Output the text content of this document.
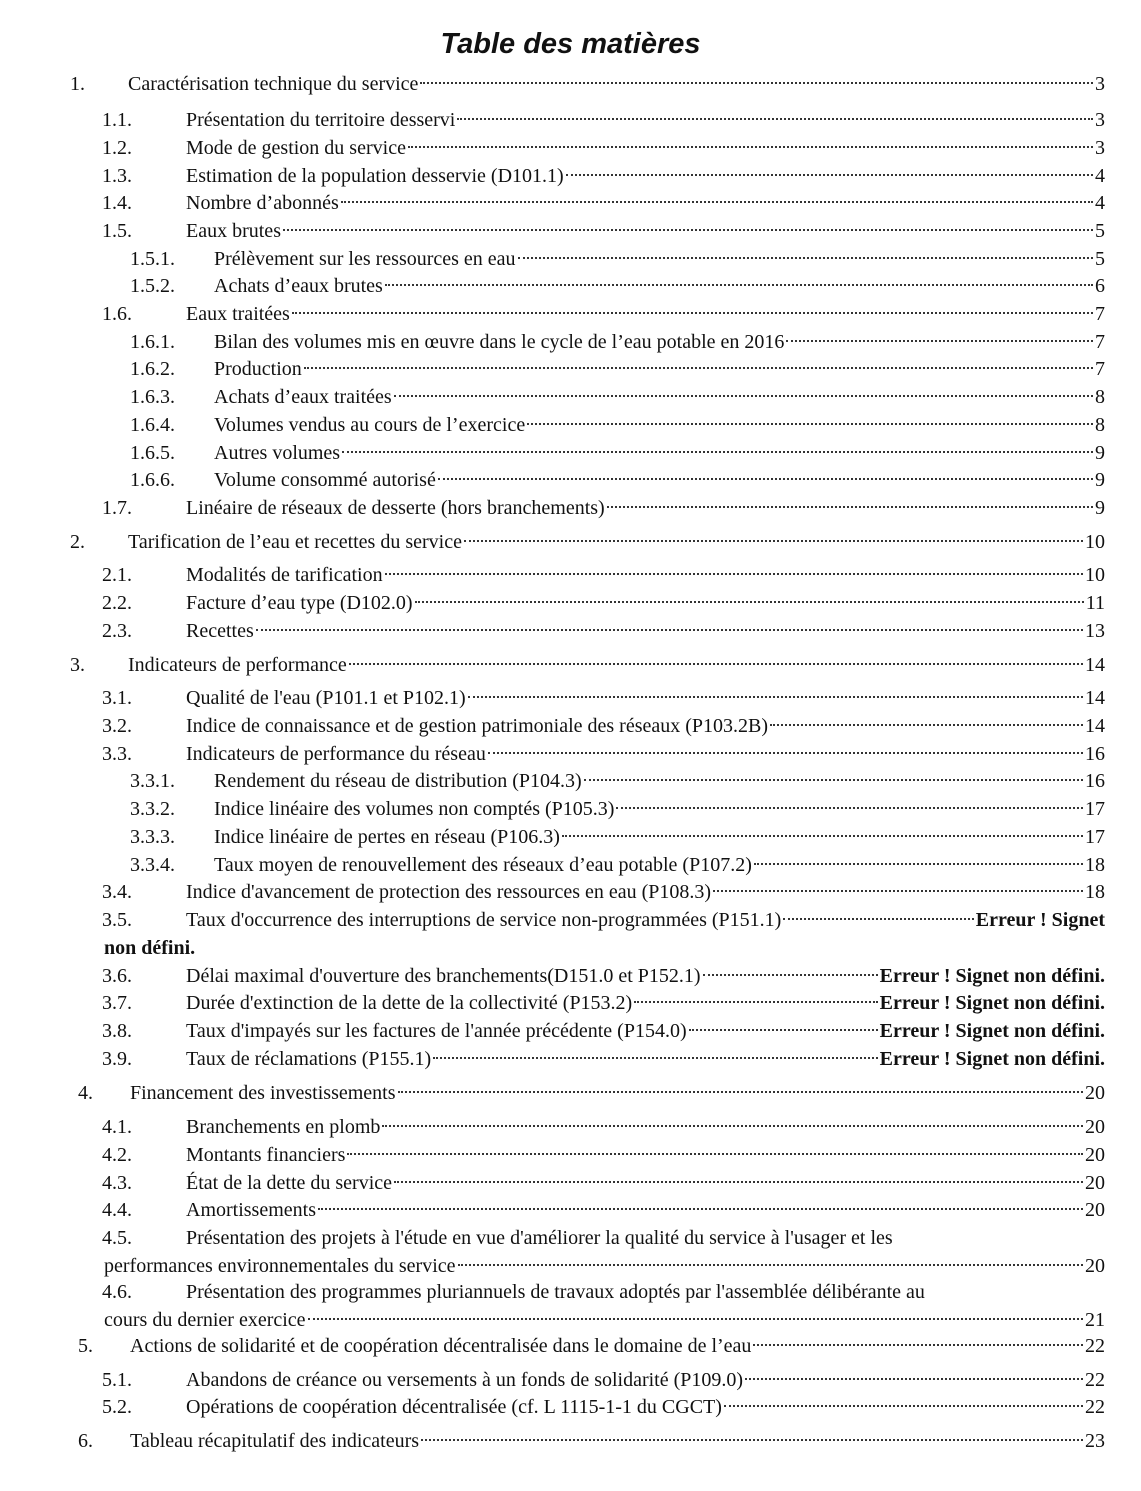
Table des matières
1. Caractérisation technique du service	3
1.1.	Présentation du territoire desservi	3
1.2.	Mode de gestion du service	3
1.3.	Estimation de la population desservie (D101.1)	4
1.4.	Nombre d’abonnés	4
1.5.	Eaux brutes	5
1.5.1. Prélèvement sur les ressources en eau	5
1.5.2. Achats d’eaux brutes	6
1.6.	Eaux traitées	7
1.6.1. Bilan des volumes mis en œuvre dans le cycle de l’eau potable en 2016	7
1.6.2. Production	7
1.6.3. Achats d’eaux traitées	8
1.6.4. Volumes vendus au cours de l’exercice	8
1.6.5. Autres volumes	9
1.6.6. Volume consommé autorisé	9
1.7.	Linéaire de réseaux de desserte (hors branchements)	9
2. Tarification de l’eau et recettes du service	10
2.1.	Modalités de tarification	10
2.2.	Facture d’eau type (D102.0)	11
2.3.	Recettes	13
3. Indicateurs de performance	14
3.1.	Qualité de l'eau (P101.1 et P102.1)	14
3.2.	Indice de connaissance et de gestion patrimoniale des réseaux (P103.2B)	14
3.3.	Indicateurs de performance du réseau	16
3.3.1. Rendement du réseau de distribution (P104.3)	16
3.3.2. Indice linéaire des volumes non comptés (P105.3)	17
3.3.3. Indice linéaire de pertes en réseau (P106.3)	17
3.3.4. Taux moyen de renouvellement des réseaux d’eau potable (P107.2)	18
3.4.	Indice d'avancement de protection des ressources en eau (P108.3)	18
3.5.	Taux d'occurrence des interruptions de service non-programmées (P151.1)	Erreur ! Signet
non défini.
3.6.	Délai maximal d'ouverture des branchements(D151.0 et P152.1)	Erreur ! Signet non défini.
3.7.	Durée d'extinction de la dette de la collectivité (P153.2)	Erreur ! Signet non défini.
3.8.	Taux d'impayés sur les factures de l'année précédente (P154.0)	Erreur ! Signet non défini.
3.9.	Taux de réclamations (P155.1)	Erreur ! Signet non défini.
4. Financement des investissements	20
4.1.	Branchements en plomb	20
4.2.	Montants financiers	20
4.3.	État de la dette du service	20
4.4.	Amortissements	20
4.5.	Présentation des projets à l'étude en vue d'améliorer la qualité du service à l'usager et les
performances environnementales du service	20
4.6.	Présentation des programmes pluriannuels de travaux adoptés par l'assemblée délibérante au
cours du dernier exercice	21
5. Actions de solidarité et de coopération décentralisée dans le domaine de l’eau	22
5.1.	Abandons de créance ou versements à un fonds de solidarité (P109.0)	22
5.2.	Opérations de coopération décentralisée (cf. L 1115-1-1 du CGCT)	22
6. Tableau récapitulatif des indicateurs	23
